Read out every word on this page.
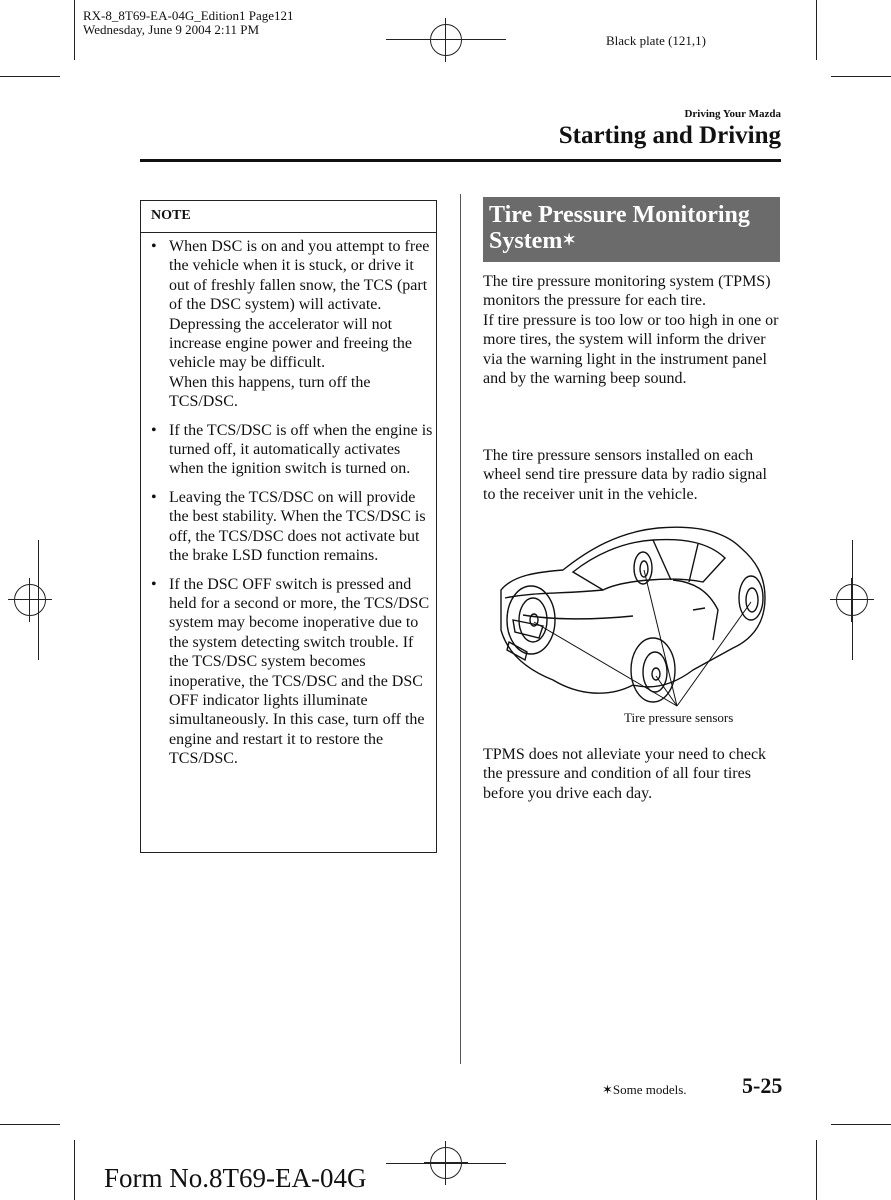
RX-8_8T69-EA-04G_Edition1 Page121
Wednesday, June 9 2004 2:11 PM
Black plate (121,1)
Driving Your Mazda
Starting and Driving
NOTE
• When DSC is on and you attempt to free the vehicle when it is stuck, or drive it out of freshly fallen snow, the TCS (part of the DSC system) will activate. Depressing the accelerator will not increase engine power and freeing the vehicle may be difficult.
When this happens, turn off the TCS/DSC.
• If the TCS/DSC is off when the engine is turned off, it automatically activates when the ignition switch is turned on.
• Leaving the TCS/DSC on will provide the best stability. When the TCS/DSC is off, the TCS/DSC does not activate but the brake LSD function remains.
• If the DSC OFF switch is pressed and held for a second or more, the TCS/DSC system may become inoperative due to the system detecting switch trouble. If the TCS/DSC system becomes inoperative, the TCS/DSC and the DSC OFF indicator lights illuminate simultaneously. In this case, turn off the engine and restart it to restore the TCS/DSC.
Tire Pressure Monitoring System✶
The tire pressure monitoring system (TPMS) monitors the pressure for each tire.
If tire pressure is too low or too high in one or more tires, the system will inform the driver via the warning light in the instrument panel and by the warning beep sound.
The tire pressure sensors installed on each wheel send tire pressure data by radio signal to the receiver unit in the vehicle.
Tire pressure sensors
TPMS does not alleviate your need to check the pressure and condition of all four tires before you drive each day.
✶Some models.	5-25
Form No.8T69-EA-04G
